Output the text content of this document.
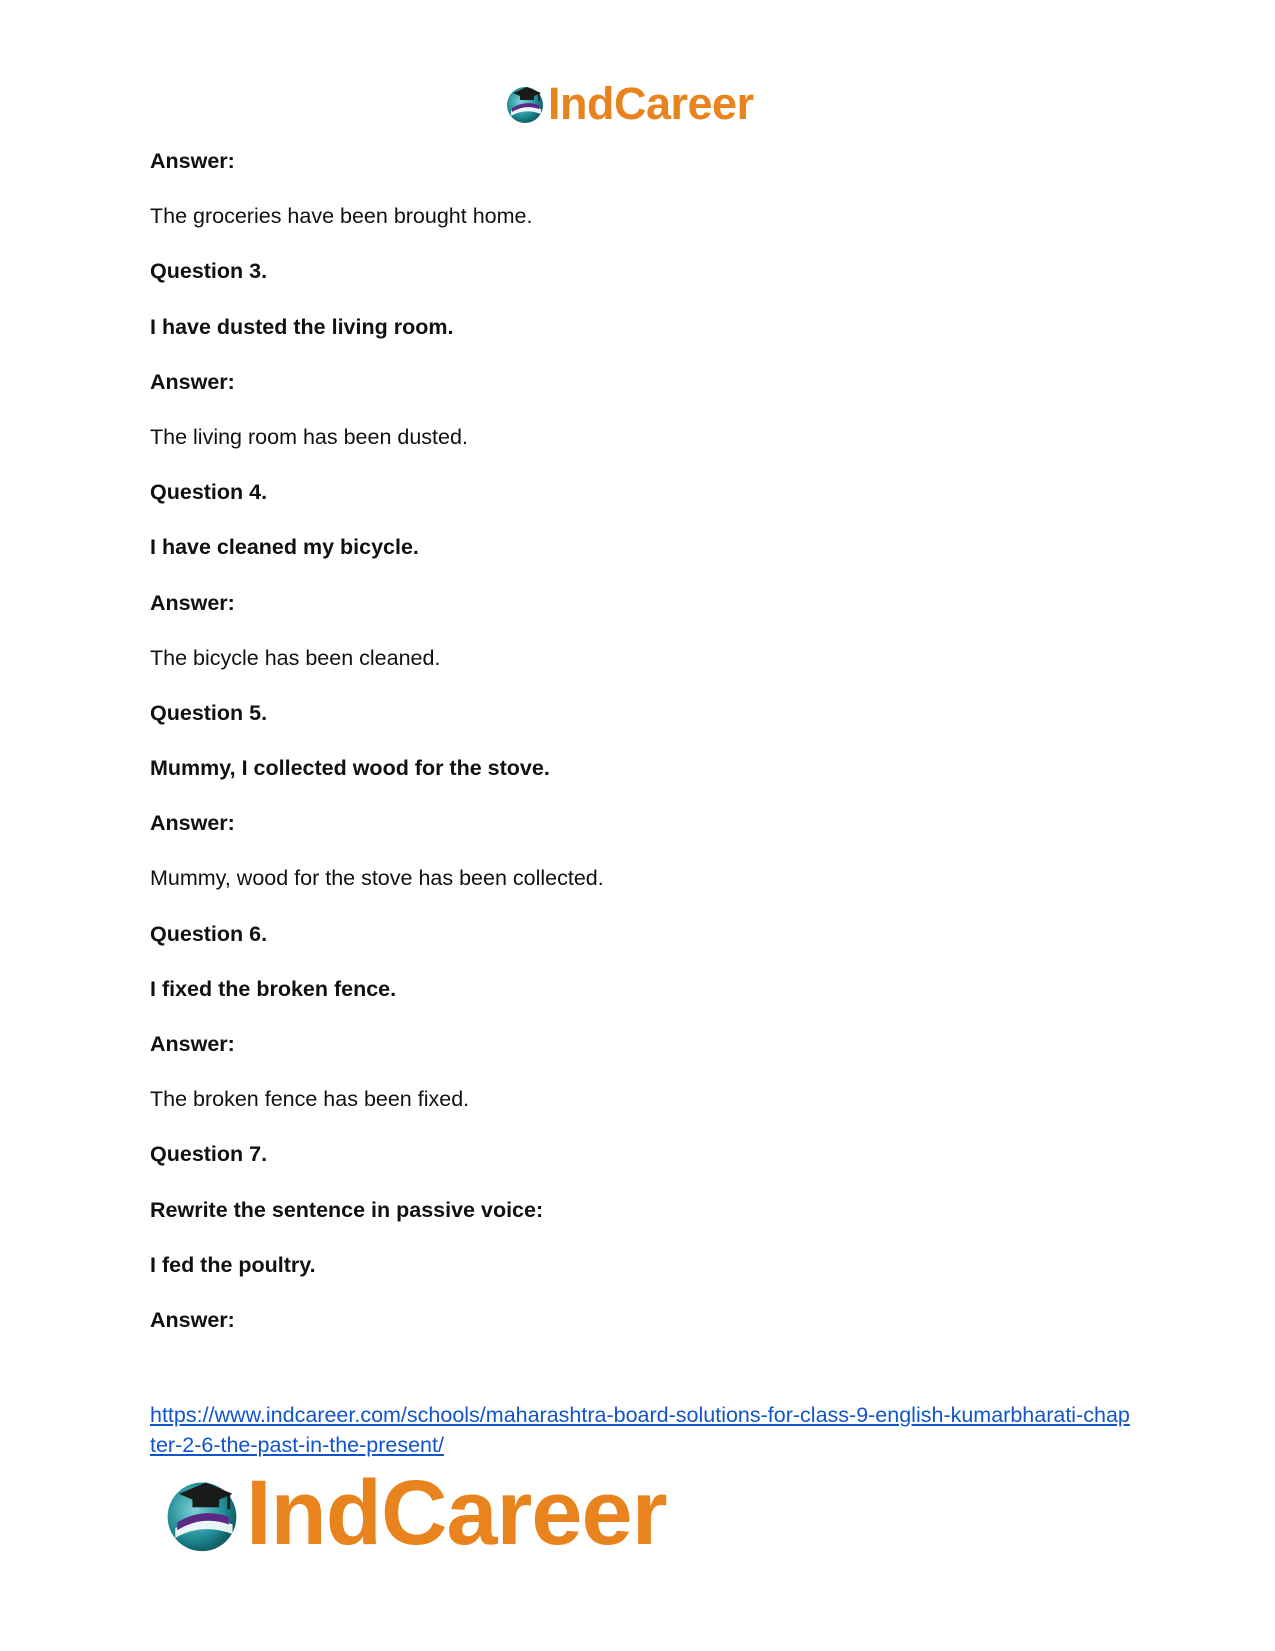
IndCareer
Answer:
The groceries have been brought home.
Question 3.
I have dusted the living room.
Answer:
The living room has been dusted.
Question 4.
I have cleaned my bicycle.
Answer:
The bicycle has been cleaned.
Question 5.
Mummy, I collected wood for the stove.
Answer:
Mummy, wood for the stove has been collected.
Question 6.
I fixed the broken fence.
Answer:
The broken fence has been fixed.
Question 7.
Rewrite the sentence in passive voice:
I fed the poultry.
Answer:
https://www.indcareer.com/schools/maharashtra-board-solutions-for-class-9-english-kumarbharati-chapter-2-6-the-past-in-the-present/
IndCareer
